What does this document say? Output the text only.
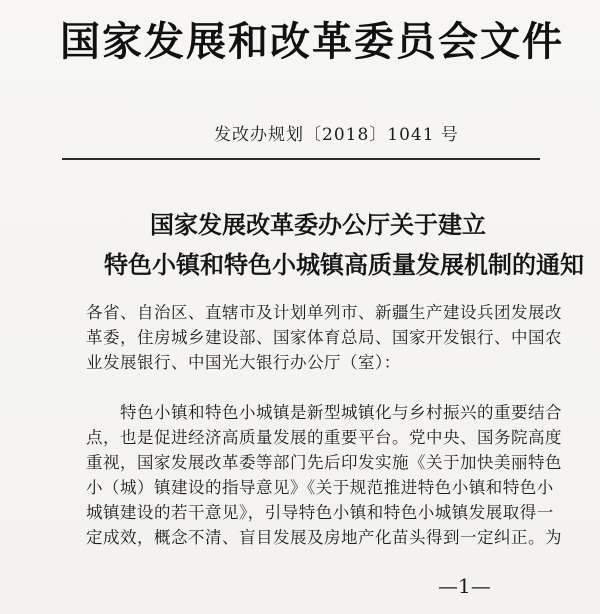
国家发展和改革委员会文件
发改办规划〔2018〕1041 号
国家发展改革委办公厅关于建立
特色小镇和特色小城镇高质量发展机制的通知
各省、自治区、直辖市及计划单列市、新疆生产建设兵团发展改革委，住房城乡建设部、国家体育总局、国家开发银行、中国农业发展银行、中国光大银行办公厅（室）：
特色小镇和特色小城镇是新型城镇化与乡村振兴的重要结合点，也是促进经济高质量发展的重要平台。党中央、国务院高度重视，国家发展改革委等部门先后印发实施《关于加快美丽特色小（城）镇建设的指导意见》《关于规范推进特色小镇和特色小城镇建设的若干意见》，引导特色小镇和特色小城镇发展取得一定成效，概念不清、盲目发展及房地产化苗头得到一定纠正。为
—1—
